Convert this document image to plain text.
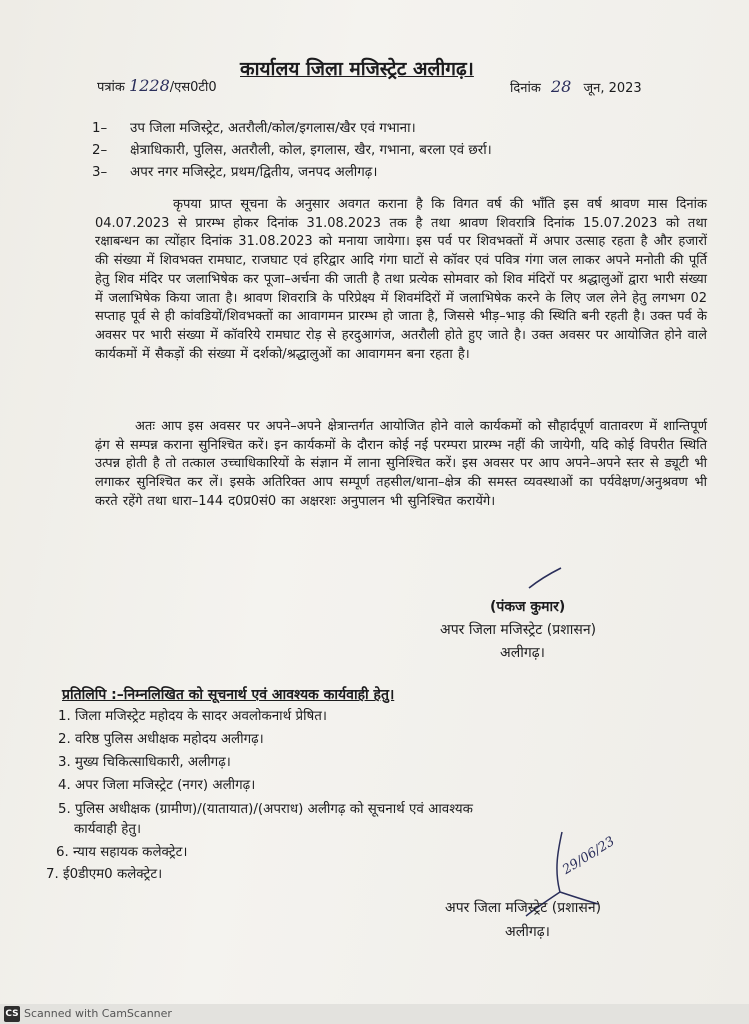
कार्यालय जिला मजिस्ट्रेट अलीगढ़।
पत्रांक 1228/एस0टी0	दिनांक 28 जून, 2023
1– उप जिला मजिस्ट्रेट, अतरौली/कोल/इगलास/खैर एवं गभाना।
2– क्षेत्राधिकारी, पुलिस, अतरौली, कोल, इगलास, खैर, गभाना, बरला एवं छर्रा।
3– अपर नगर मजिस्ट्रेट, प्रथम/द्वितीय, जनपद अलीगढ़।
कृपया प्राप्त सूचना के अनुसार अवगत कराना है कि विगत वर्ष की भाँति इस वर्ष श्रावण मास दिनांक 04.07.2023 से प्रारम्भ होकर दिनांक 31.08.2023 तक है तथा श्रावण शिवरात्रि दिनांक 15.07.2023 को तथा रक्षाबन्धन का त्योंहार दिनांक 31.08.2023 को मनाया जायेगा। इस पर्व पर शिवभक्तों में अपार उत्साह रहता है और हजारों की संख्या में शिवभक्त रामघाट, राजघाट एवं हरिद्वार आदि गंगा घाटों से कॉवर एवं पवित्र गंगा जल लाकर अपने मनोती की पूर्ति हेतु शिव मंदिर पर जलाभिषेक कर पूजा–अर्चना की जाती है तथा प्रत्येक सोमवार को शिव मंदिरों पर श्रद्धालुओं द्वारा भारी संख्या में जलाभिषेक किया जाता है। श्रावण शिवरात्रि के परिप्रेक्ष्य में शिवमंदिरों में जलाभिषेक करने के लिए जल लेने हेतु लगभग 02 सप्ताह पूर्व से ही कांवडियों/शिवभक्तों का आवागमन प्रारम्भ हो जाता है, जिससे भीड़–भाड़ की स्थिति बनी रहती है। उक्त पर्व के अवसर पर भारी संख्या में कॉवरिये रामघाट रोड़ से हरदुआगंज, अतरौली होते हुए जाते है। उक्त अवसर पर आयोजित होने वाले कार्यकमों में सैकड़ों की संख्या में दर्शको/श्रद्धालुओं का आवागमन बना रहता है।
अतः आप इस अवसर पर अपने–अपने क्षेत्रान्तर्गत आयोजित होने वाले कार्यकमों को सौहार्दपूर्ण वातावरण में शान्तिपूर्ण ढ़ंग से सम्पन्न कराना सुनिश्चित करें। इन कार्यकमों के दौरान कोई नई परम्परा प्रारम्भ नहीं की जायेगी, यदि कोई विपरीत स्थिति उत्पन्न होती है तो तत्काल उच्चाधिकारियों के संज्ञान में लाना सुनिश्चित करें। इस अवसर पर आप अपने–अपने स्तर से ड्यूटी भी लगाकर सुनिश्चित कर लें। इसके अतिरिक्त आप सम्पूर्ण तहसील/थाना–क्षेत्र की समस्त व्यवस्थाओं का पर्यवेक्षण/अनुश्रवण भी करते रहेंगे तथा धारा–144 द0प्र0सं0 का अक्षरशः अनुपालन भी सुनिश्चित करायेंगे।
(पंकज कुमार)
अपर जिला मजिस्ट्रेट (प्रशासन)
अलीगढ़।
प्रतिलिपि :–निम्नलिखित को सूचनार्थ एवं आवश्यक कार्यवाही हेतु।
1. जिला मजिस्ट्रेट महोदय के सादर अवलोकनार्थ प्रेषित।
2. वरिष्ठ पुलिस अधीक्षक महोदय अलीगढ़।
3. मुख्य चिकित्साधिकारी, अलीगढ़।
4. अपर जिला मजिस्ट्रेट (नगर) अलीगढ़।
5. पुलिस अधीक्षक (ग्रामीण)/(यातायात)/(अपराध) अलीगढ़ को सूचनार्थ एवं आवश्यक
कार्यवाही हेतु।
6. न्याय सहायक कलेक्ट्रेट।
7. ई0डीएम0 कलेक्ट्रेट।	29/06/23
अपर जिला मजिस्ट्रेट (प्रशासन)
अलीगढ़।
CS Scanned with CamScanner
